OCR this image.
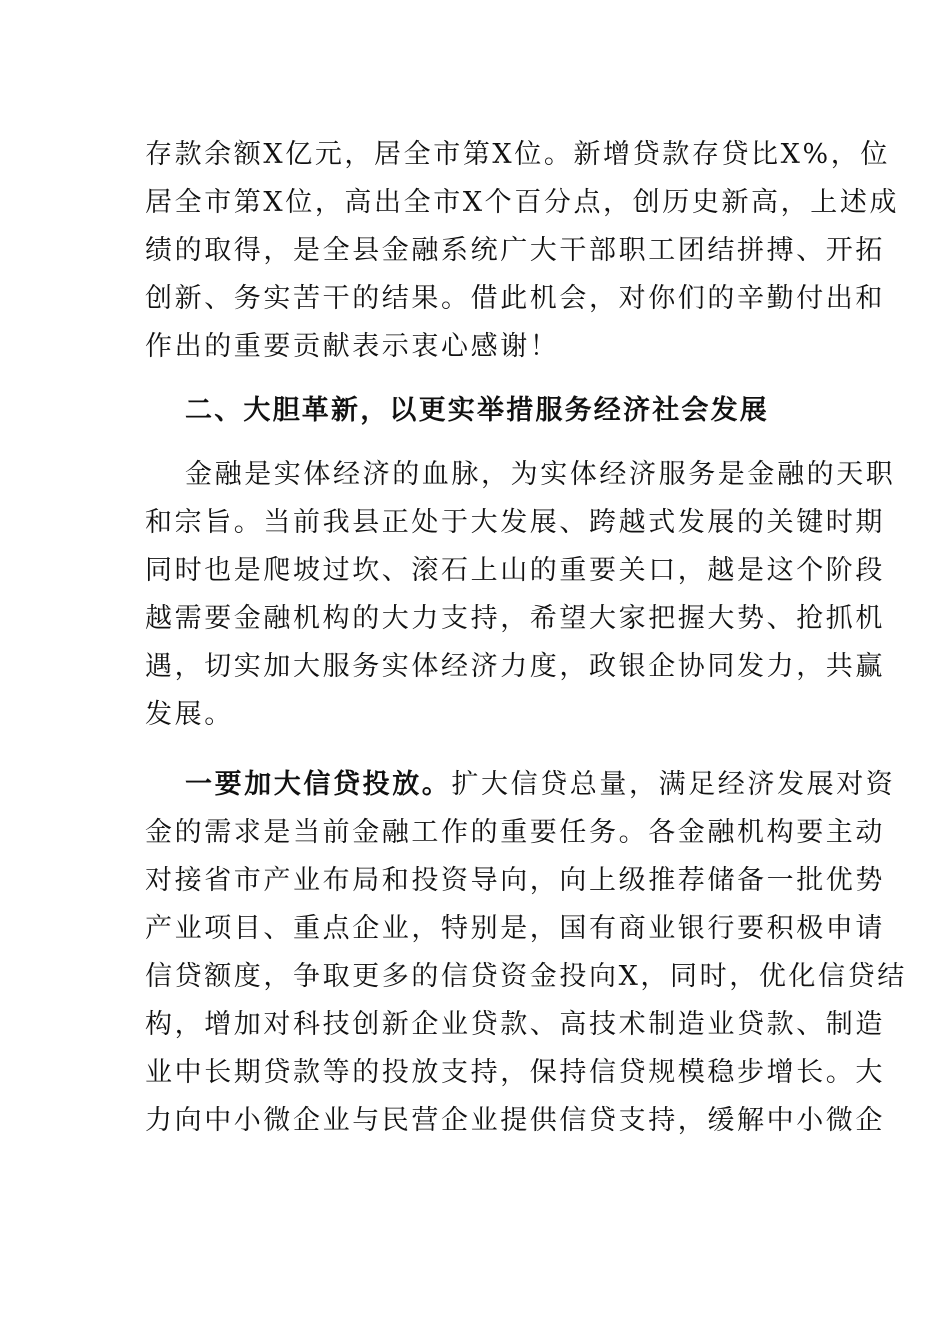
存款余额X亿元，居全市第X位。新增贷款存贷比X%，位
居全市第X位，高出全市X个百分点，创历史新高，上述成
绩的取得，是全县金融系统广大干部职工团结拼搏、开拓
创新、务实苦干的结果。借此机会，对你们的辛勤付出和
作出的重要贡献表示衷心感谢！
二、大胆革新，以更实举措服务经济社会发展
金融是实体经济的血脉，为实体经济服务是金融的天职
和宗旨。当前我县正处于大发展、跨越式发展的关键时期
同时也是爬坡过坎、滚石上山的重要关口，越是这个阶段
越需要金融机构的大力支持，希望大家把握大势、抢抓机
遇，切实加大服务实体经济力度，政银企协同发力，共赢
发展。
一要加大信贷投放。扩大信贷总量，满足经济发展对资
金的需求是当前金融工作的重要任务。各金融机构要主动
对接省市产业布局和投资导向，向上级推荐储备一批优势
产业项目、重点企业，特别是，国有商业银行要积极申请
信贷额度，争取更多的信贷资金投向X，同时，优化信贷结
构，增加对科技创新企业贷款、高技术制造业贷款、制造
业中长期贷款等的投放支持，保持信贷规模稳步增长。大
力向中小微企业与民营企业提供信贷支持，缓解中小微企
